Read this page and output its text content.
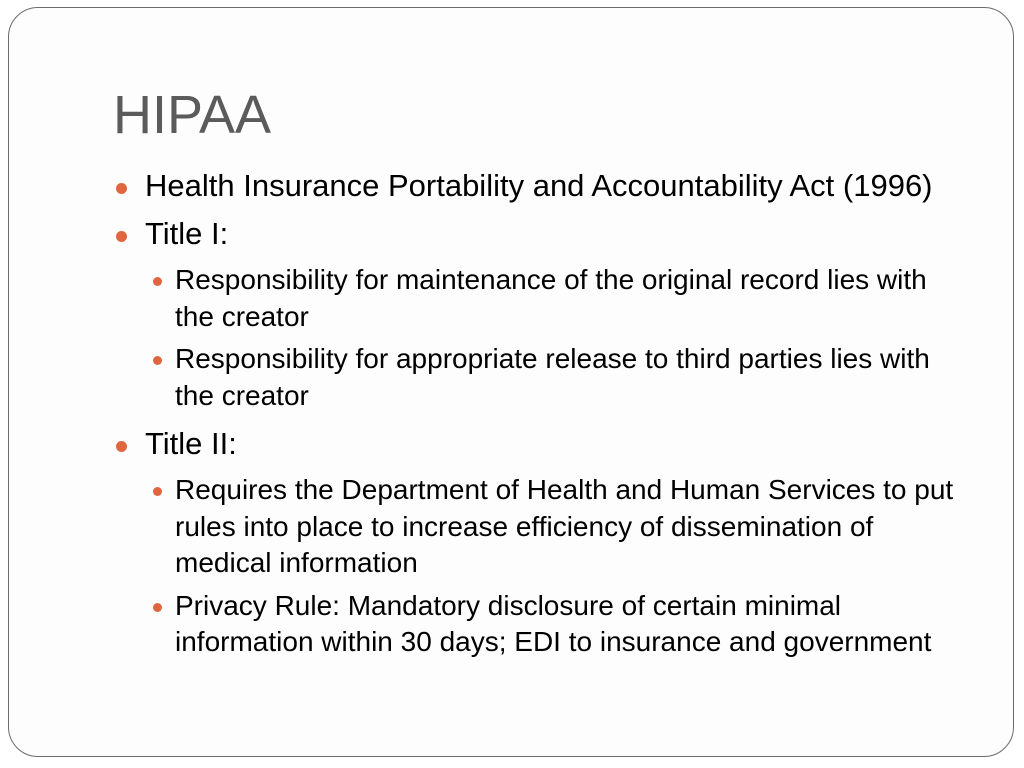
HIPAA
Health Insurance Portability and Accountability Act (1996)
Title I:
Responsibility for maintenance of the original record lies with the creator
Responsibility for appropriate release to third parties lies with the creator
Title II:
Requires the Department of Health and Human Services to put rules into place to increase efficiency of dissemination of medical information
Privacy Rule: Mandatory disclosure of certain minimal information within 30 days; EDI to insurance and government
